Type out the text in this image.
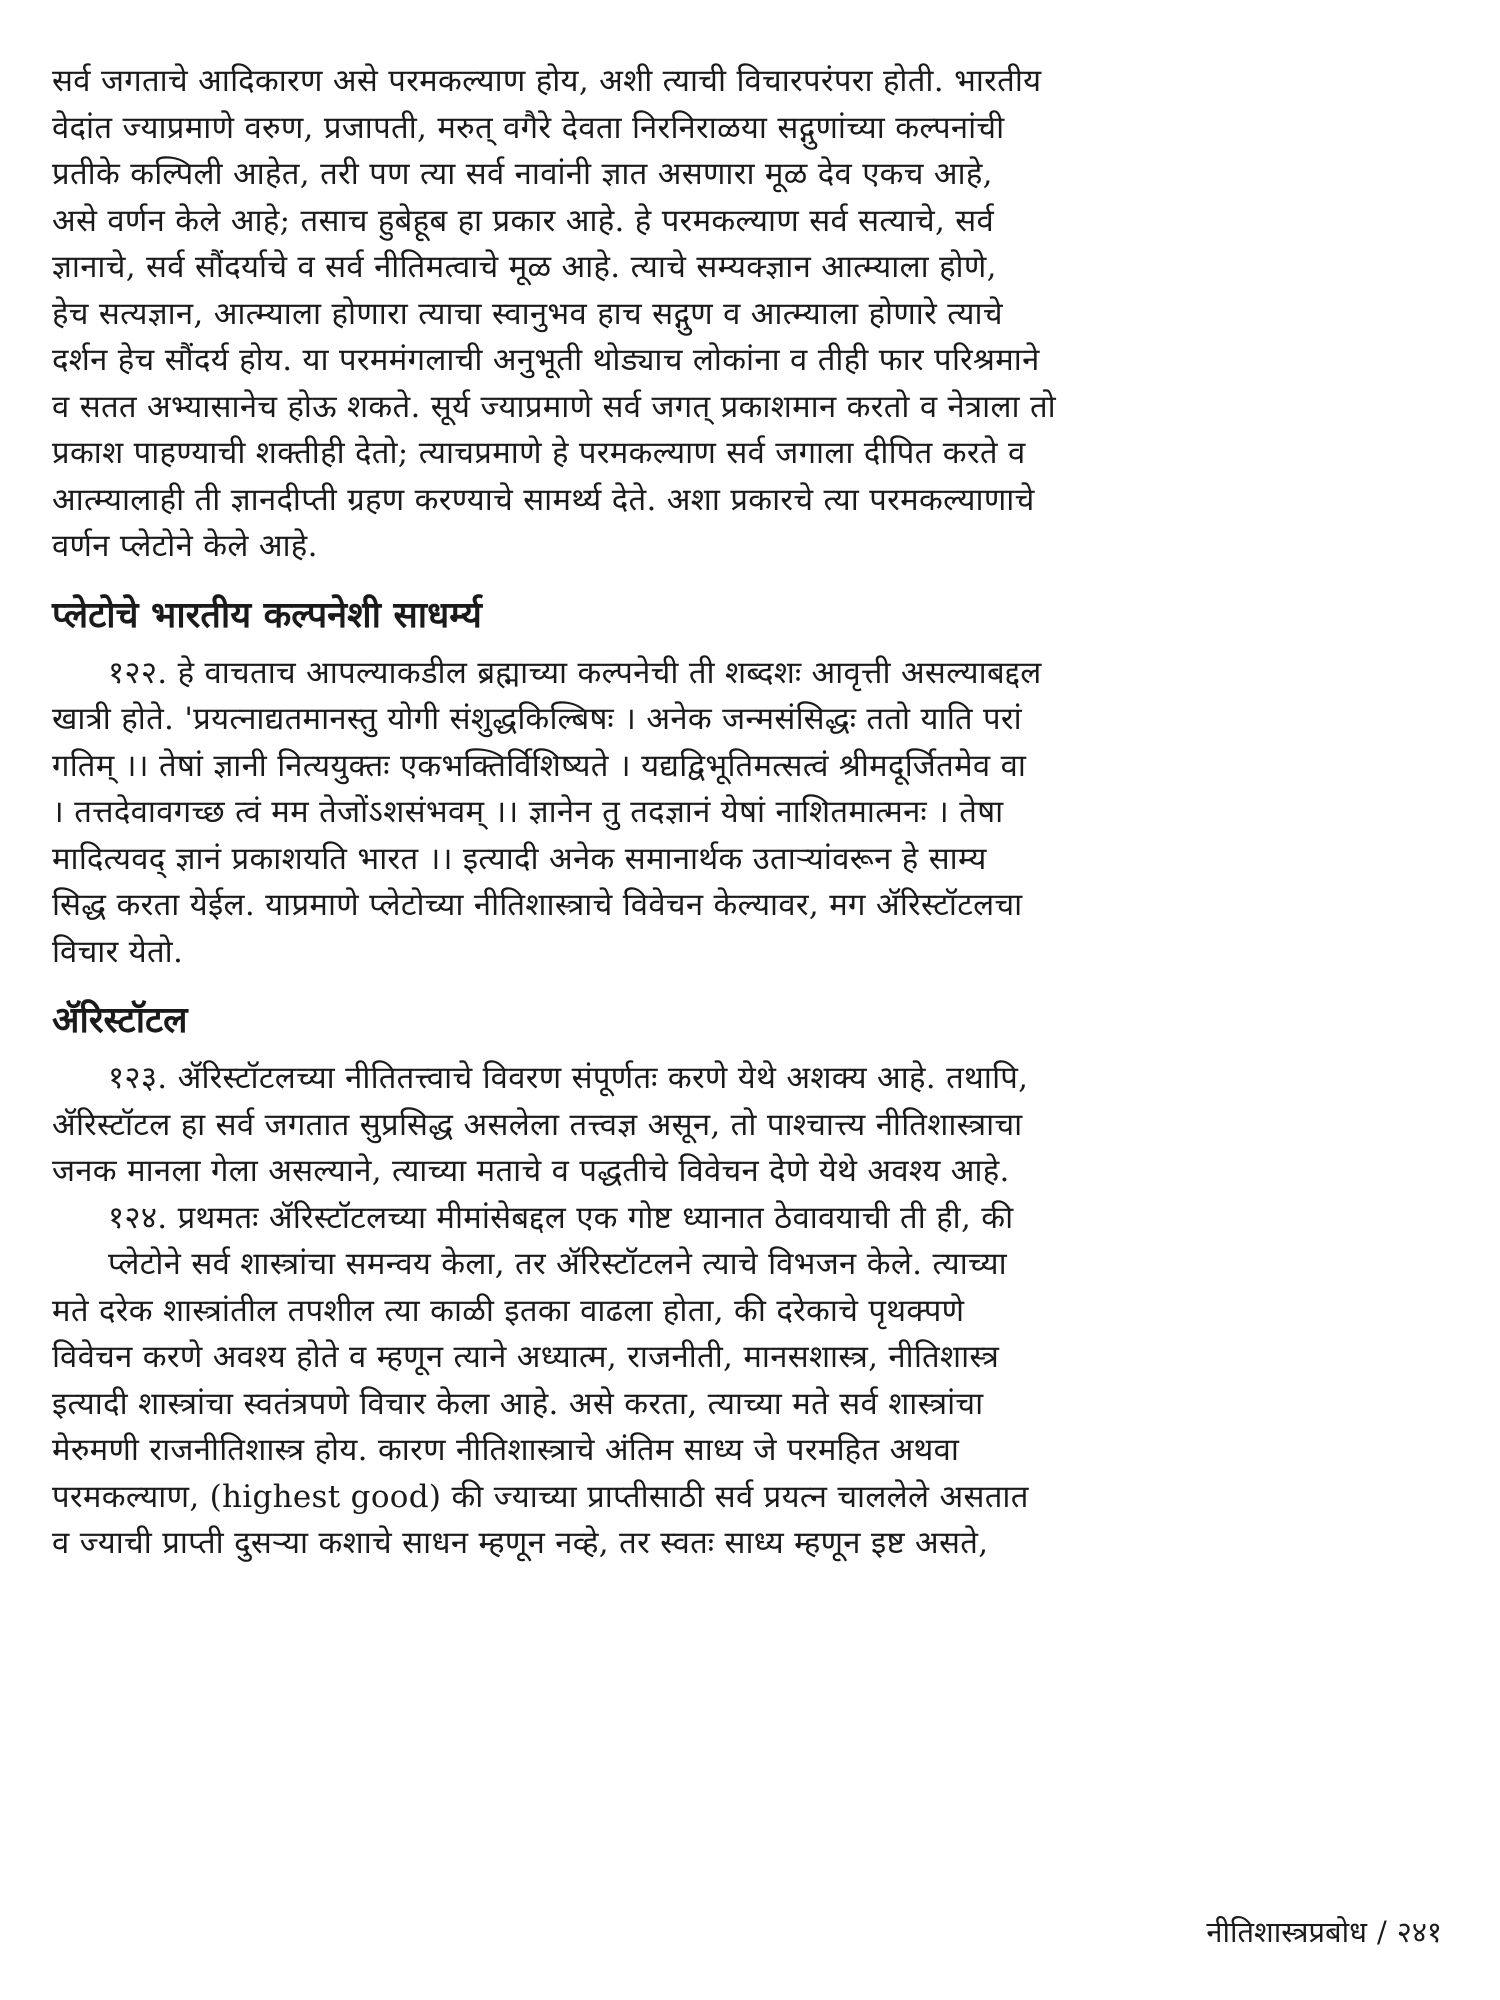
सर्व जगताचे आदिकारण असे परमकल्याण होय, अशी त्याची विचारपरंपरा होती. भारतीय
वेदांत ज्याप्रमाणे वरुण, प्रजापती, मरुत् वगैरे देवता निरनिराळया सद्गुणांच्या कल्पनांची
प्रतीके कल्पिली आहेत, तरी पण त्या सर्व नावांनी ज्ञात असणारा मूळ देव एकच आहे,
असे वर्णन केले आहे; तसाच हुबेहूब हा प्रकार आहे. हे परमकल्याण सर्व सत्याचे, सर्व
ज्ञानाचे, सर्व सौंदर्याचे व सर्व नीतिमत्वाचे मूळ आहे. त्याचे सम्यक्ज्ञान आत्म्याला होणे,
हेच सत्यज्ञान, आत्म्याला होणारा त्याचा स्वानुभव हाच सद्गुण व आत्म्याला होणारे त्याचे
दर्शन हेच सौंदर्य होय. या परममंगलाची अनुभूती थोड्याच लोकांना व तीही फार परिश्रमाने
व सतत अभ्यासानेच होऊ शकते. सूर्य ज्याप्रमाणे सर्व जगत् प्रकाशमान करतो व नेत्राला तो
प्रकाश पाहण्याची शक्तीही देतो; त्याचप्रमाणे हे परमकल्याण सर्व जगाला दीपित करते व
आत्म्यालाही ती ज्ञानदीप्ती ग्रहण करण्याचे सामर्थ्य देते. अशा प्रकारचे त्या परमकल्याणाचे
वर्णन प्लेटोने केले आहे.
प्लेटोचे भारतीय कल्पनेशी साधर्म्य
१२२. हे वाचताच आपल्याकडील ब्रह्माच्या कल्पनेची ती शब्दशः आवृत्ती असल्याबद्दल
खात्री होते. 'प्रयत्नाद्यतमानस्तु योगी संशुद्धकिल्बिषः । अनेक जन्मसंसिद्धः ततो याति परां
गतिम् ।। तेषां ज्ञानी नित्ययुक्तः एकभक्तिर्विशिष्यते । यद्यद्विभूतिमत्सत्वं श्रीमदूर्जितमेव वा
। तत्तदेवावगच्छ त्वं मम तेजोंऽशसंभवम् ।। ज्ञानेन तु तदज्ञानं येषां नाशितमात्मनः । तेषा
मादित्यवद् ज्ञानं प्रकाशयति भारत ।। इत्यादी अनेक समानार्थक उताऱ्यांवरून हे साम्य
सिद्ध करता येईल. याप्रमाणे प्लेटोच्या नीतिशास्त्राचे विवेचन केल्यावर, मग ॲरिस्टॉटलचा
विचार येतो.
ॲरिस्टॉटल
१२३. ॲरिस्टॉटलच्या नीतितत्त्वाचे विवरण संपूर्णतः करणे येथे अशक्य आहे. तथापि,
ॲरिस्टॉटल हा सर्व जगतात सुप्रसिद्ध असलेला तत्त्वज्ञ असून, तो पाश्चात्त्य नीतिशास्त्राचा
जनक मानला गेला असल्याने, त्याच्या मताचे व पद्धतीचे विवेचन देणे येथे अवश्य आहे.
१२४. प्रथमतः ॲरिस्टॉटलच्या मीमांसेबद्दल एक गोष्ट ध्यानात ठेवावयाची ती ही, की
प्लेटोने सर्व शास्त्रांचा समन्वय केला, तर ॲरिस्टॉटलने त्याचे विभजन केले. त्याच्या
मते दरेक शास्त्रांतील तपशील त्या काळी इतका वाढला होता, की दरेकाचे पृथक्पणे
विवेचन करणे अवश्य होते व म्हणून त्याने अध्यात्म, राजनीती, मानसशास्त्र, नीतिशास्त्र
इत्यादी शास्त्रांचा स्वतंत्रपणे विचार केला आहे. असे करता, त्याच्या मते सर्व शास्त्रांचा
मेरुमणी राजनीतिशास्त्र होय. कारण नीतिशास्त्राचे अंतिम साध्य जे परमहित अथवा
परमकल्याण, (highest good) की ज्याच्या प्राप्तीसाठी सर्व प्रयत्न चाललेले असतात
व ज्याची प्राप्ती दुसऱ्या कशाचे साधन म्हणून नव्हे, तर स्वतः साध्य म्हणून इष्ट असते,
नीतिशास्त्रप्रबोध / २४१
